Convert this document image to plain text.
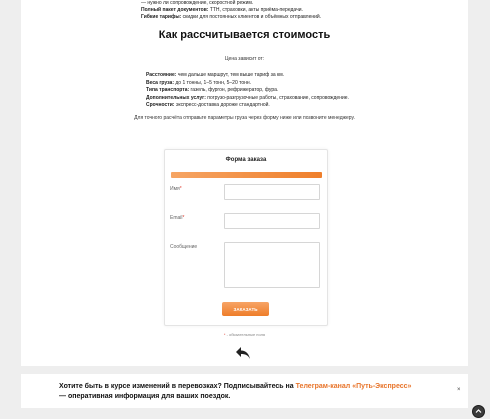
— нужно ли сопровождение, скоростной режим.
Полный пакет документов: ТТН, страховки, акты приёма-передачи.
Гибкие тарифы: скидки для постоянных клиентов и объёмных отправлений.
Как рассчитывается стоимость
Цена зависит от:
Расстояние: чем дальше маршрут, тем выше тариф за км.
Веса груза: до 1 тонны, 1–5 тонн, 5–20 тонн.
Типа транспорта: газель, фургон, рефрижератор, фура.
Дополнительных услуг: погрузо-разгрузочные работы, страхование, сопровождение.
Срочности: экспресс-доставка дороже стандартной.
Для точного расчёта отправьте параметры груза через форму ниже или позвоните менеджеру.
Форма заказа
Имя*
Email*
Сообщение
ЗАКАЗАТЬ
* - обязательные поля
Хотите быть в курсе изменений в перевозках? Подписывайтесь на Телеграм-канал «Путь-Экспресс»
— оперативная информация для ваших поездок.
×
